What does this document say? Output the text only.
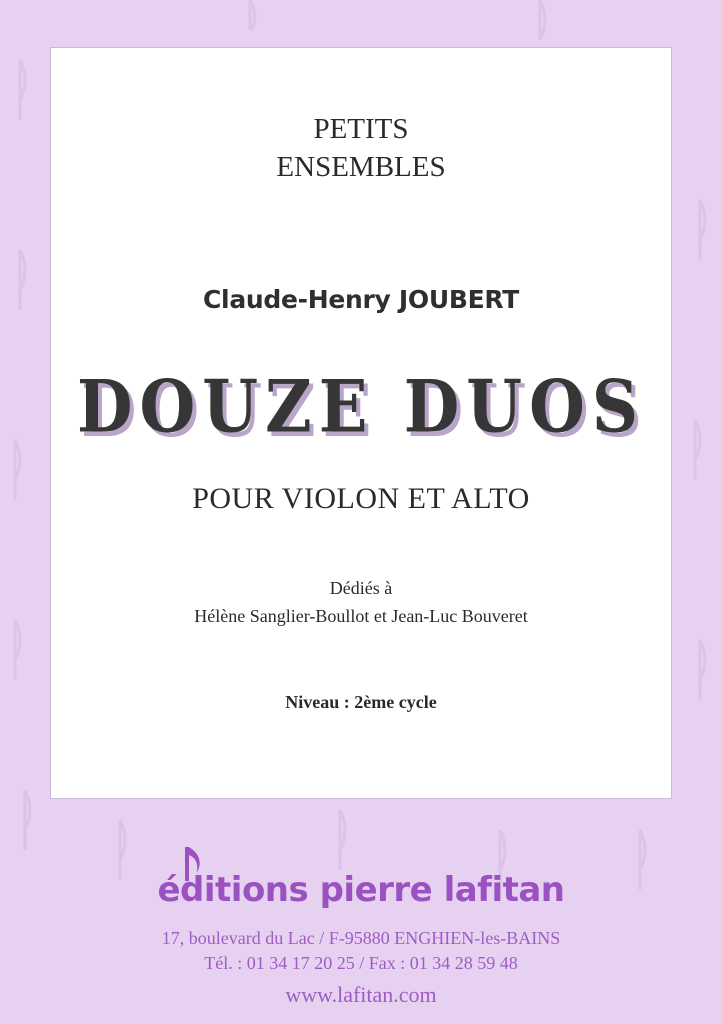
PETITS
ENSEMBLES

Claude-Henry JOUBERT

DOUZE DUOS

POUR VIOLON ET ALTO

Dédiés à

Hélène Sanglier-Boullot et Jean-Luc Bouveret

Niveau : 2ème cycle

éditions pierre lafitan
17, boulevard du Lac / F-95880 ENGHIEN-les-BAINS
Tél. : 01 34 17 20 25 / Fax : 01 34 28 59 48
www.lafitan.com
